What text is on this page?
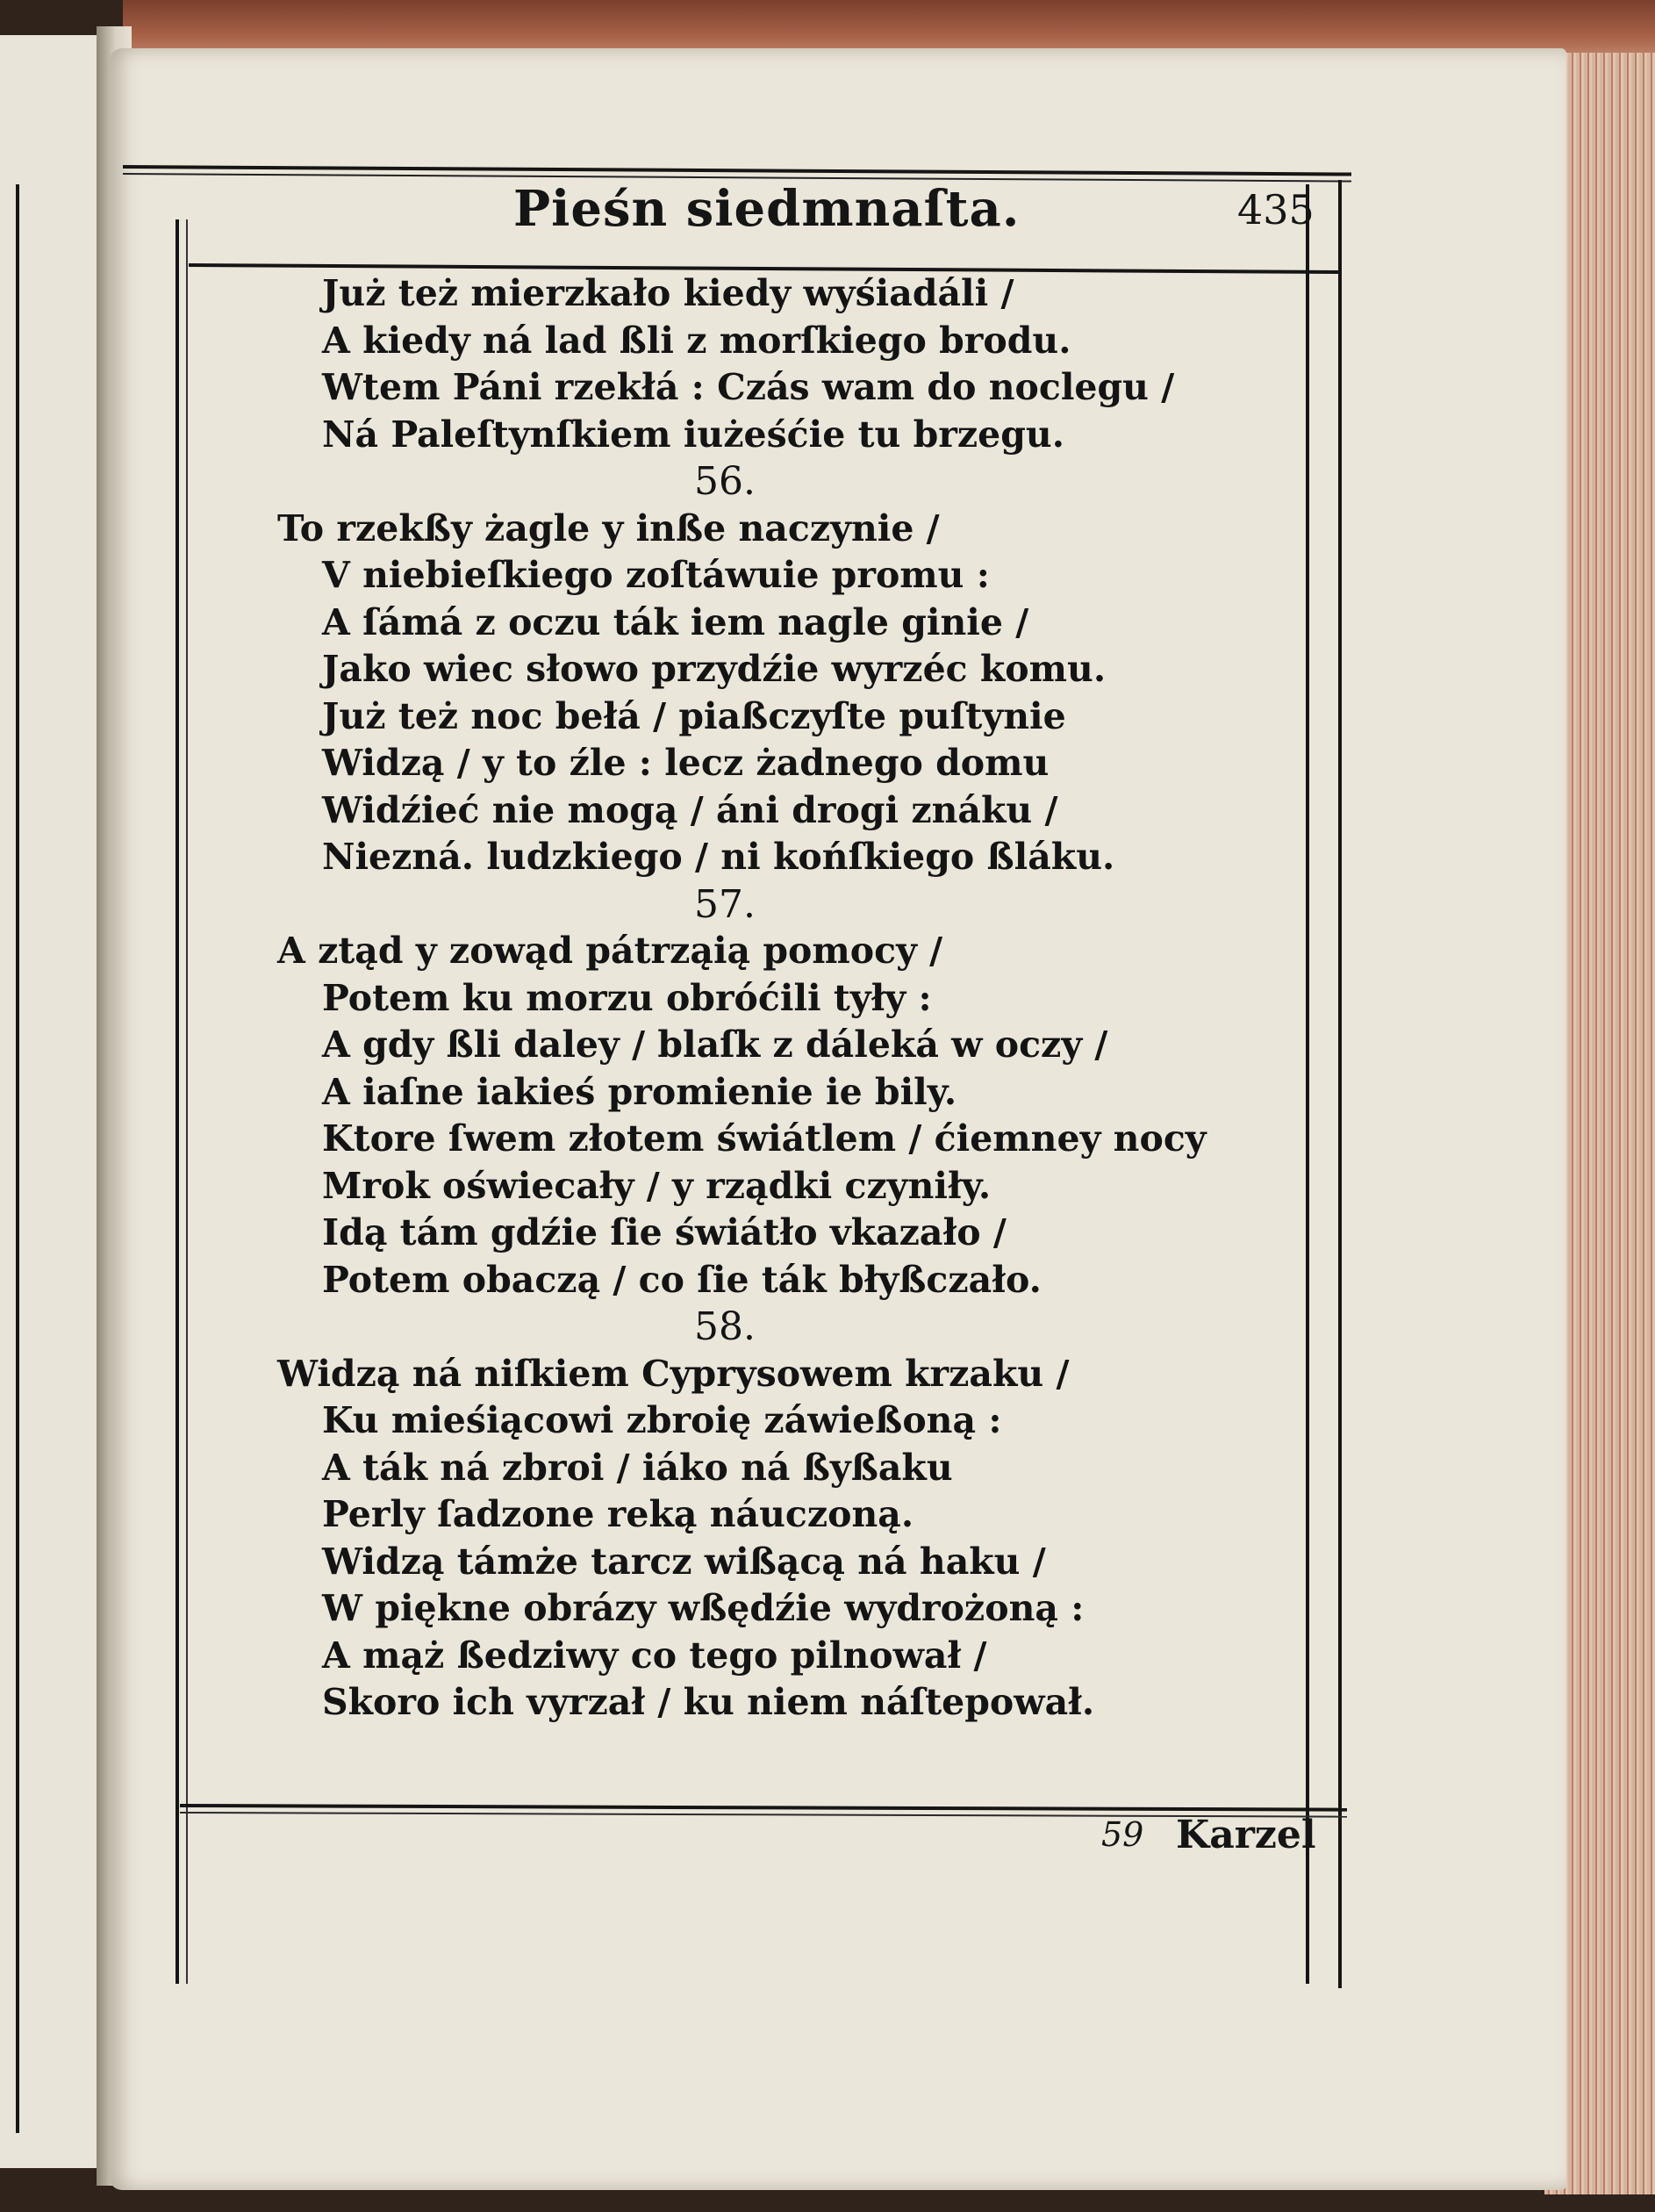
Pieśn siedmnaſta.	435
Już też mierzkało kiedy wyśiadáli /
A kiedy ná lad ßli z morſkiego brodu.
Wtem Páni rzekłá : Czás wam do noclegu /
Ná Paleſtynſkiem iużeśćie tu brzegu.
56.
To rzekßy żagle y inße naczynie /
V niebieſkiego zoſtáwuie promu :
A ſámá z oczu ták iem nagle ginie /
Jako wiec słowo przydźie wyrzéc komu.
Już też noc bełá / piaßczyſte puſtynie
Widzą / y to źle : lecz żadnego domu
Widźieć nie mogą / áni drogi znáku /
Niezná. ludzkiego / ni końſkiego ßláku.
57.
A ztąd y zowąd pátrząią pomocy /
Potem ku morzu obróćili tyły :
A gdy ßli daley / blaſk z dáleká w oczy /
A iaſne iakieś promienie ie bily.
Ktore ſwem złotem świátlem / ćiemney nocy
Mrok oświecały / y rządki czyniły.
Idą tám gdźie ſie świátło vkazało /
Potem obaczą / co ſie ták błyßczało.
58.
Widzą ná niſkiem Cyprysowem krzaku /
Ku mieśiącowi zbroię záwießoną :
A ták ná zbroi / iáko ná ßyßaku
Perly ſadzone reką náuczoną.
Widzą támże tarcz wißącą ná haku /
W piękne obrázy wßędźie wydrożoną :
A mąż ßedziwy co tego pilnował /
Skoro ich vyrzał / ku niem náſtepował.
59 Karzel
